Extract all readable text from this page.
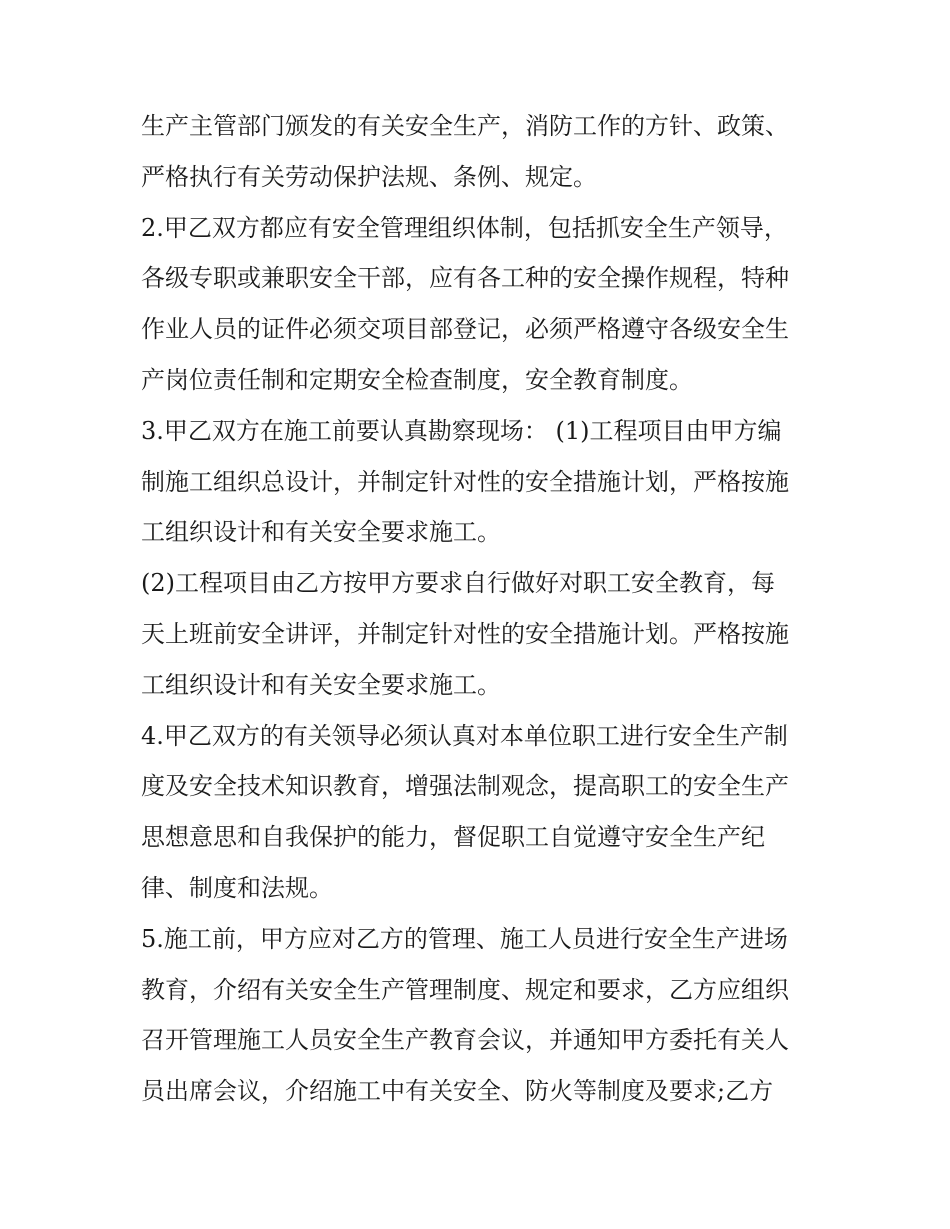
生产主管部门颁发的有关安全生产，消防工作的方针、政策、
严格执行有关劳动保护法规、条例、规定。
2.甲乙双方都应有安全管理组织体制，包括抓安全生产领导，
各级专职或兼职安全干部，应有各工种的安全操作规程，特种
作业人员的证件必须交项目部登记，必须严格遵守各级安全生
产岗位责任制和定期安全检查制度，安全教育制度。
3.甲乙双方在施工前要认真勘察现场： (1)工程项目由甲方编
制施工组织总设计，并制定针对性的安全措施计划，严格按施
工组织设计和有关安全要求施工。
(2)工程项目由乙方按甲方要求自行做好对职工安全教育，每
天上班前安全讲评，并制定针对性的安全措施计划。严格按施
工组织设计和有关安全要求施工。
4.甲乙双方的有关领导必须认真对本单位职工进行安全生产制
度及安全技术知识教育，增强法制观念，提高职工的安全生产
思想意思和自我保护的能力，督促职工自觉遵守安全生产纪
律、制度和法规。
5.施工前，甲方应对乙方的管理、施工人员进行安全生产进场
教育，介绍有关安全生产管理制度、规定和要求，乙方应组织
召开管理施工人员安全生产教育会议，并通知甲方委托有关人
员出席会议，介绍施工中有关安全、防火等制度及要求;乙方
